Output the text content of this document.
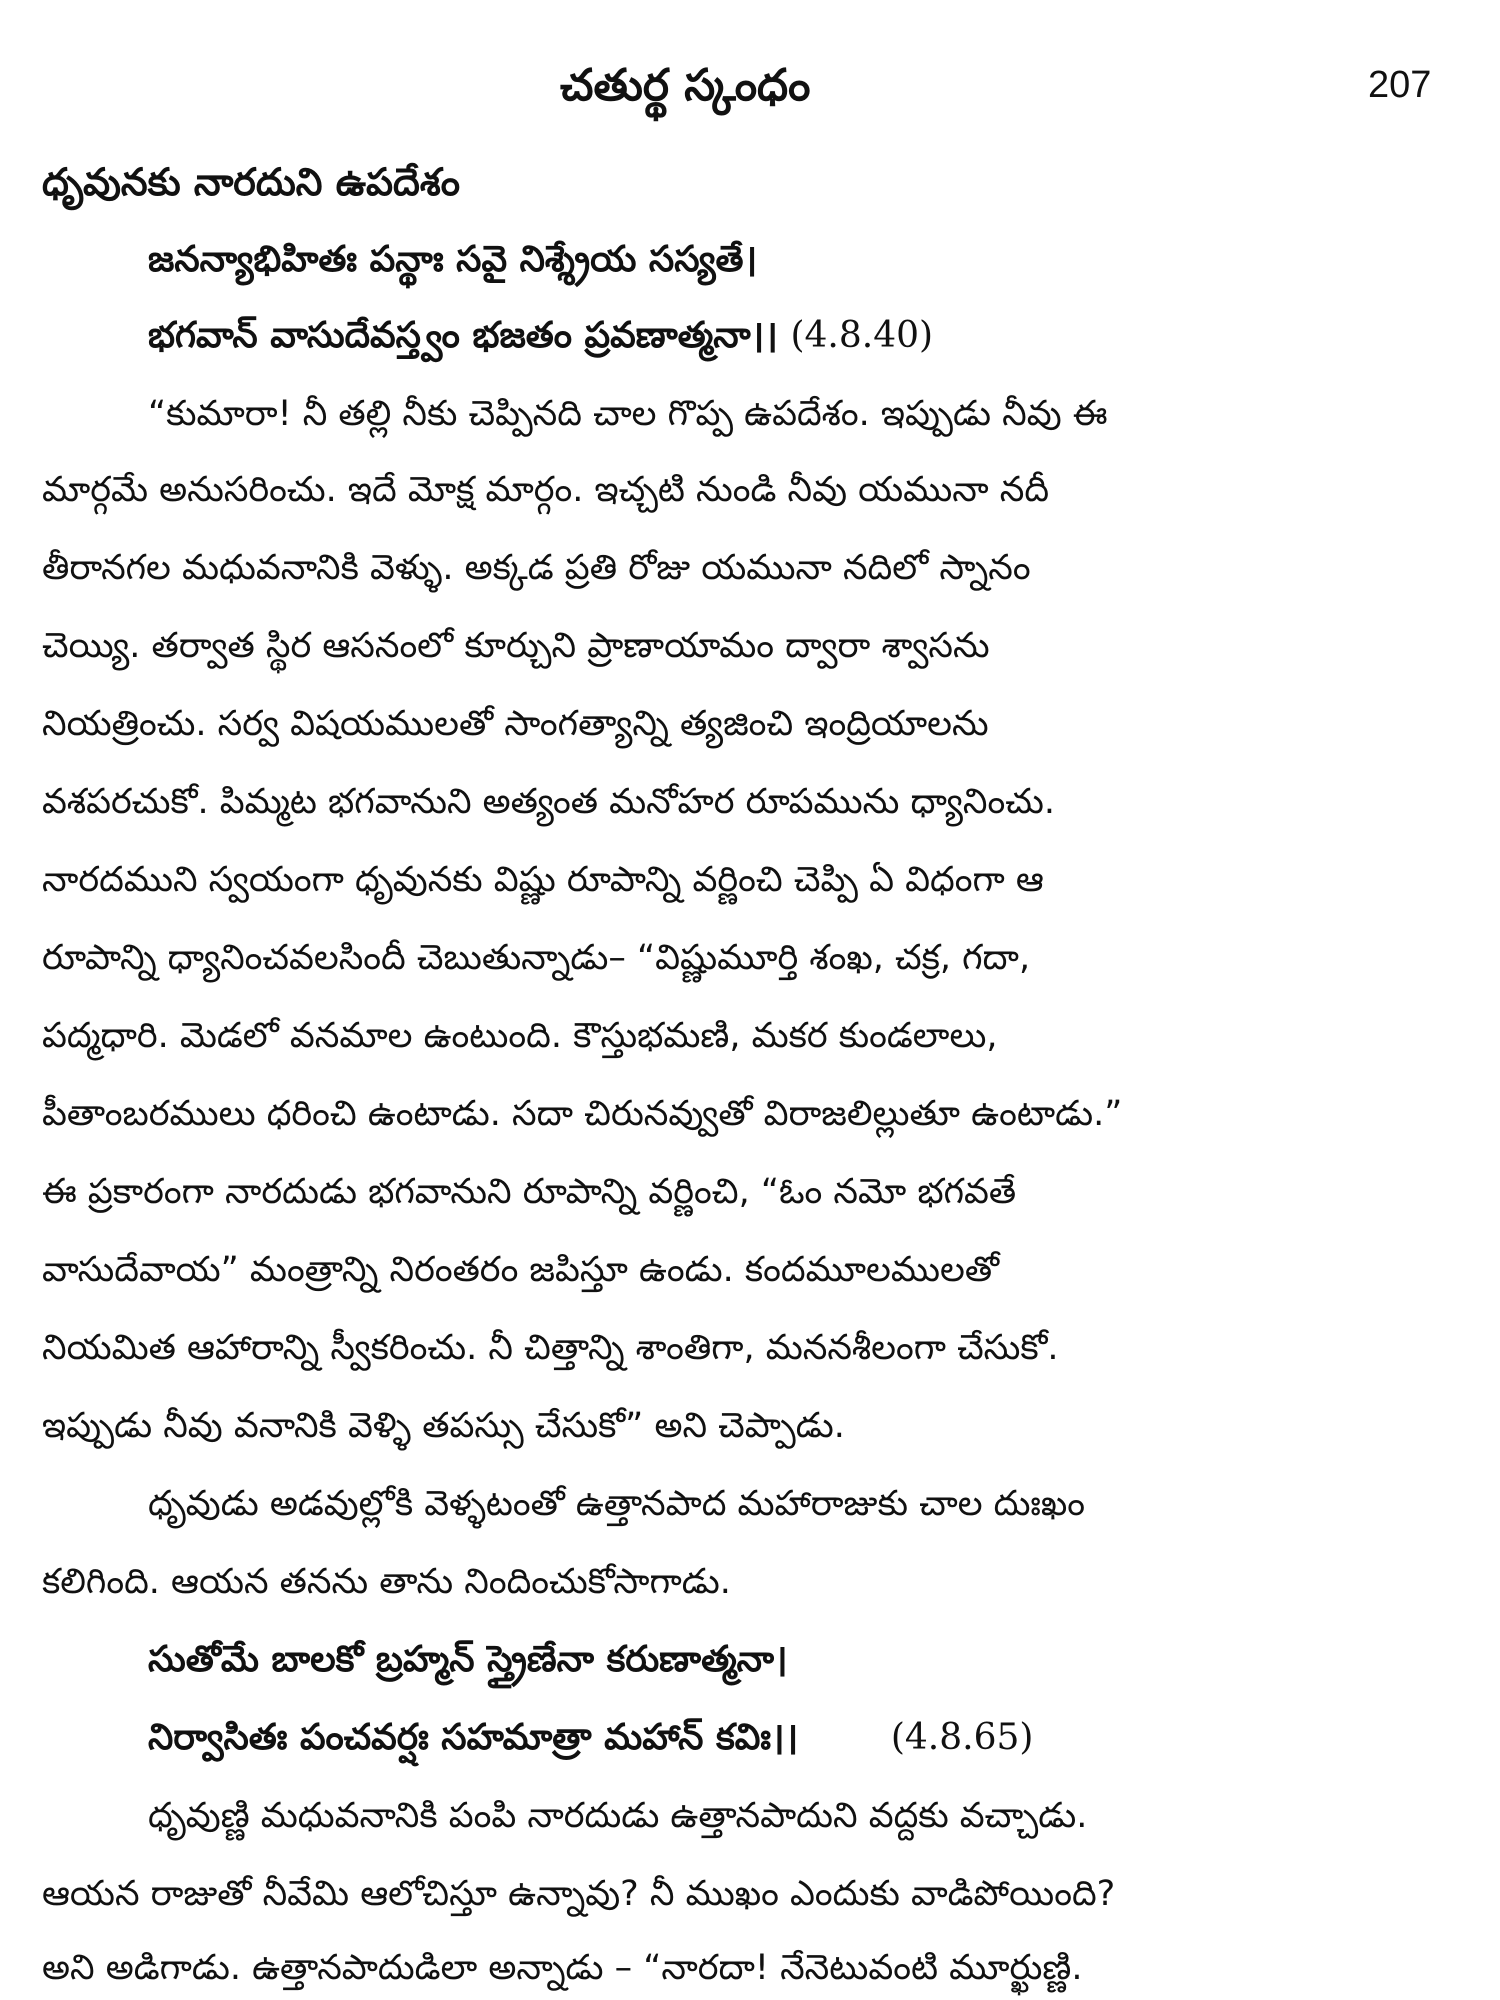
చతుర్థ స్కంధం	207
ధృవునకు నారదుని ఉపదేశం
జనన్యాభిహితః పన్థాః సవై నిశ్శ్రేయ సస్యతే।
భగవాన్ వాసుదేవస్త్వం భజతం ప్రవణాత్మనా।। (4.8.40)
“కుమారా! నీ తల్లి నీకు చెప్పినది చాల గొప్ప ఉపదేశం. ఇప్పుడు నీవు ఈ
మార్గమే అనుసరించు. ఇదే మోక్ష మార్గం. ఇచ్చటి నుండి నీవు యమునా నదీ
తీరానగల మధువనానికి వెళ్ళు. అక్కడ ప్రతి రోజు యమునా నదిలో స్నానం
చెయ్యి. తర్వాత స్థిర ఆసనంలో కూర్చుని ప్రాణాయామం ద్వారా శ్వాసను
నియత్రించు. సర్వ విషయములతో సాంగత్యాన్ని త్యజించి ఇంద్రియాలను
వశపరచుకో. పిమ్మట భగవానుని అత్యంత మనోహర రూపమును ధ్యానించు.
నారదముని స్వయంగా ధృవునకు విష్ణు రూపాన్ని వర్ణించి చెప్పి ఏ విధంగా ఆ
రూపాన్ని ధ్యానించవలసిందీ చెబుతున్నాడు– “విష్ణుమూర్తి శంఖ, చక్ర, గదా,
పద్మధారి. మెడలో వనమాల ఉంటుంది. కౌస్తుభమణి, మకర కుండలాలు,
పీతాంబరములు ధరించి ఉంటాడు. సదా చిరునవ్వుతో విరాజలిల్లుతూ ఉంటాడు.”
ఈ ప్రకారంగా నారదుడు భగవానుని రూపాన్ని వర్ణించి, “ఓం నమో భగవతే
వాసుదేవాయ” మంత్రాన్ని నిరంతరం జపిస్తూ ఉండు. కందమూలములతో
నియమిత ఆహారాన్ని స్వీకరించు. నీ చిత్తాన్ని శాంతిగా, మననశీలంగా చేసుకో.
ఇప్పుడు నీవు వనానికి వెళ్ళి తపస్సు చేసుకో” అని చెప్పాడు.
ధృవుడు అడవుల్లోకి వెళ్ళటంతో ఉత్తానపాద మహారాజుకు చాల దుఃఖం
కలిగింది. ఆయన తనను తాను నిందించుకోసాగాడు.
సుతోమే బాలకో బ్రహ్మన్ స్త్రైణేనా కరుణాత్మనా।
నిర్వాసితః పంచవర్షః సహమాత్రా మహాన్ కవిః।।	(4.8.65)
ధృవుణ్ణి మధువనానికి పంపి నారదుడు ఉత్తానపాదుని వద్దకు వచ్చాడు.
ఆయన రాజుతో నీవేమి ఆలోచిస్తూ ఉన్నావు? నీ ముఖం ఎందుకు వాడిపోయింది?
అని అడిగాడు. ఉత్తానపాదుడిలా అన్నాడు – “నారదా! నేనెటువంటి మూర్ఖుణ్ణి.
